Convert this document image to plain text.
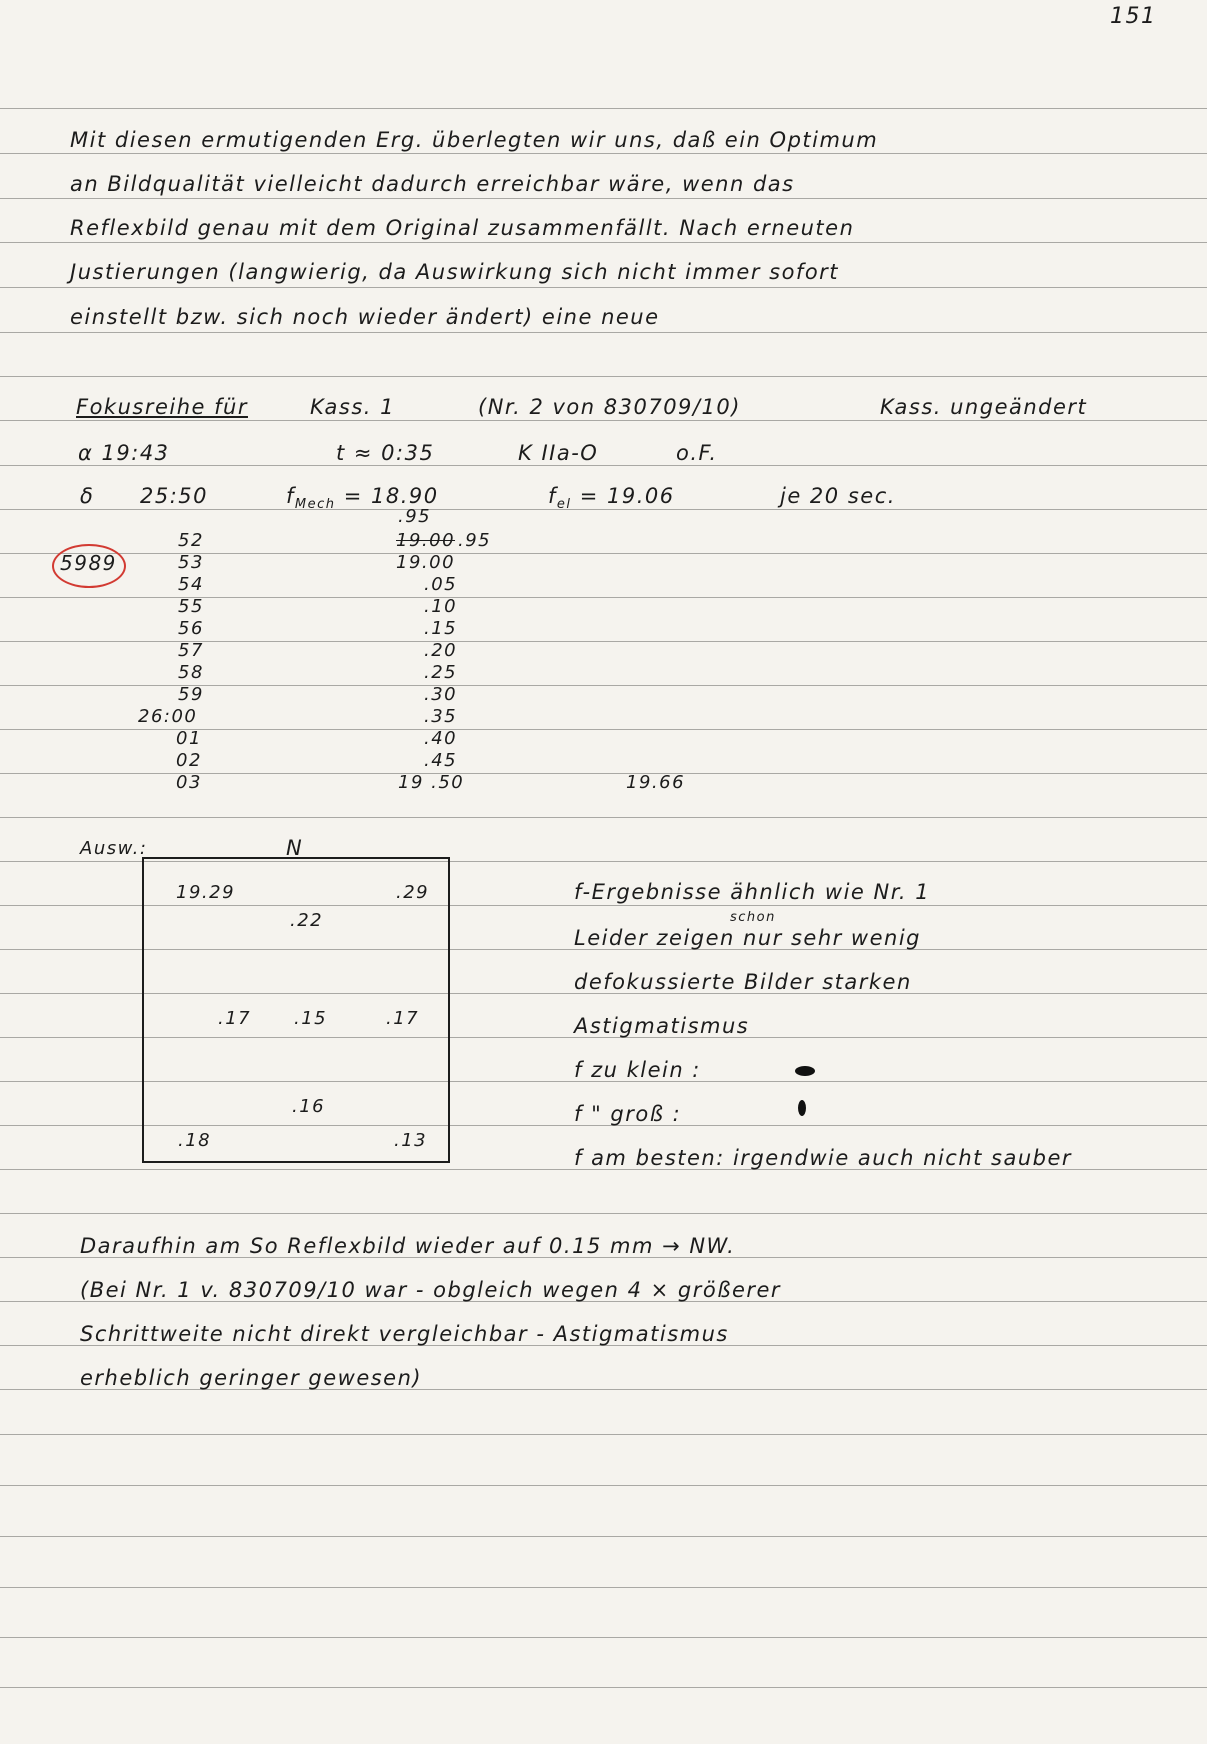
151
Mit diesen ermutigenden Erg. überlegten wir uns, daß ein Optimum
an Bildqualität vielleicht dadurch erreichbar wäre, wenn das
Reflexbild genau mit dem Original zusammenfällt. Nach erneuten
Justierungen (langwierig, da Auswirkung sich nicht immer sofort
einstellt bzw. sich noch wieder ändert) eine neue
Fokusreihe für	Kass. 1	(Nr. 2 von 830709/10)	Kass. ungeändert
α 19:43	t ≈ 0:35	K IIa-O	o.F.
δ 25:50	$f_{Mech} = 18.90$	$f_{el} = 19.06$	je 20 sec.
5989
.95
52	19.00 .95
53	19.00
54	.05
55	.10
56	.15
57	.20
58	.25
59	.30
26:00	.35
01	.40
02	.45
03	19 .50	19.66
Ausw.:	N
19.29	.29
.22
.17 .15	.17
.16
.18	.13
f-Ergebnisse ähnlich wie Nr. 1
schon
Leider zeigen nur sehr wenig
defokussierte Bilder starken
Astigmatismus
f zu klein :
f " groß :
f am besten: irgendwie auch nicht sauber
Daraufhin am So Reflexbild wieder auf 0.15 mm → NW.
(Bei Nr. 1 v. 830709/10 war - obgleich wegen 4 × größerer
Schrittweite nicht direkt vergleichbar - Astigmatismus
erheblich geringer gewesen)
